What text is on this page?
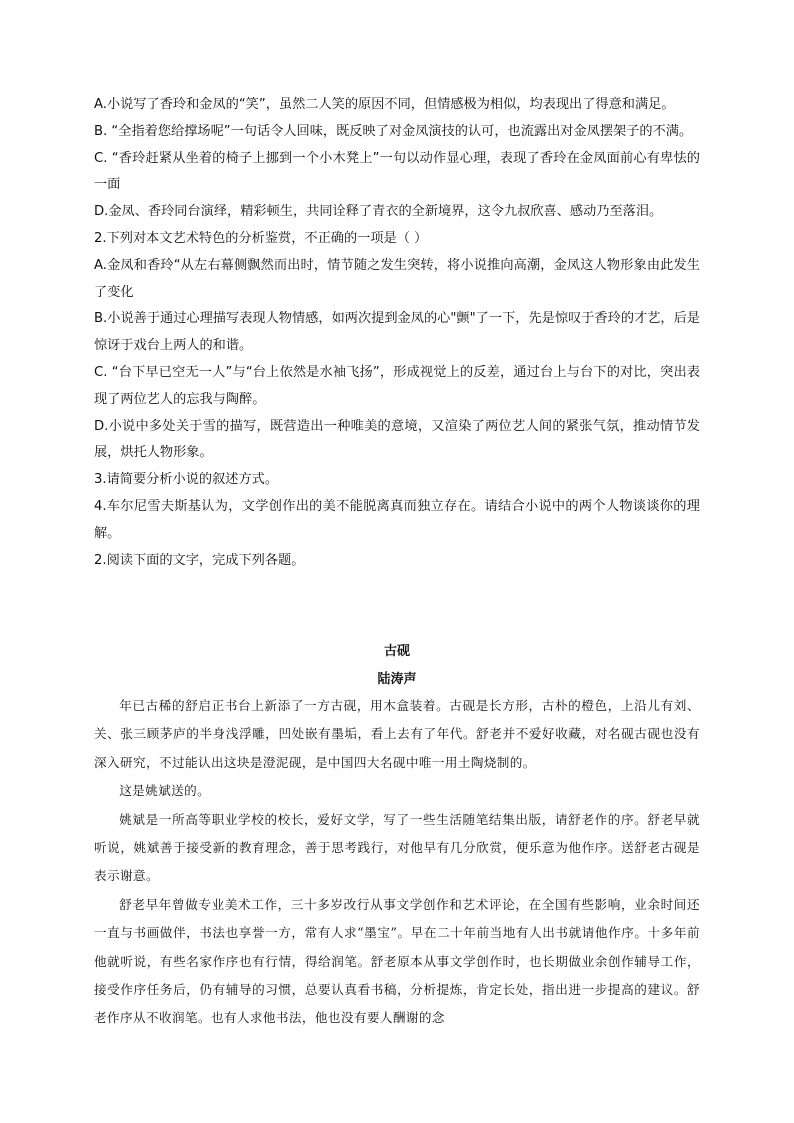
A.小说写了香玲和金凤的“笑”，虽然二人笑的原因不同，但情感极为相似，均表现出了得意和满足。

B. “全指着您给撑场呢”一句话令人回味，既反映了对金凤演技的认可，也流露出对金凤摆架子的不满。

C. “香玲赶紧从坐着的椅子上挪到一个小木凳上”一句以动作显心理，表现了香玲在金凤面前心有卑怯的一面

D.金凤、香玲同台演绎，精彩顿生，共同诠释了青衣的全新境界，这令九叔欣喜、感动乃至落泪。

2.下列对本文艺术特色的分析鉴赏，不正确的一项是（ ）

A.金凤和香玲“从左右幕侧飘然而出时，情节随之发生突转，将小说推向高潮，金凤这人物形象由此发生了变化

B.小说善于通过心理描写表现人物情感，如两次提到金凤的心"颤"了一下，先是惊叹于香玲的才艺，后是惊讶于戏台上两人的和谐。

C. “台下早已空无一人”与“台上依然是水袖飞扬”，形成视觉上的反差，通过台上与台下的对比，突出表现了两位艺人的忘我与陶醉。

D.小说中多处关于雪的描写，既营造出一种唯美的意境，又渲染了两位艺人间的紧张气氛，推动情节发展，烘托人物形象。

3.请简要分析小说的叙述方式。

4.车尔尼雪夫斯基认为，文学创作出的美不能脱离真而独立存在。请结合小说中的两个人物谈谈你的理解。

2.阅读下面的文字，完成下列各题。

古砚
陆涛声

年已古稀的舒启正书台上新添了一方古砚，用木盒装着。古砚是长方形，古朴的橙色，上沿儿有刘、关、张三顾茅庐的半身浅浮雕，凹处嵌有墨垢，看上去有了年代。舒老并不爱好收藏，对名砚古砚也没有深入研究，不过能认出这块是澄泥砚，是中国四大名砚中唯一用土陶烧制的。

这是姚斌送的。

姚斌是一所高等职业学校的校长，爱好文学，写了一些生活随笔结集出版，请舒老作的序。舒老早就听说，姚斌善于接受新的教育理念，善于思考践行，对他早有几分欣赏，便乐意为他作序。送舒老古砚是表示谢意。

舒老早年曾做专业美术工作，三十多岁改行从事文学创作和艺术评论，在全国有些影响，业余时间还一直与书画做伴，书法也享誉一方，常有人求“墨宝”。早在二十年前当地有人出书就请他作序。十多年前他就听说，有些名家作序也有行情，得给润笔。舒老原本从事文学创作时，也长期做业余创作辅导工作，接受作序任务后，仍有辅导的习惯，总要认真看书稿，分析提炼，肯定长处，指出进一步提高的建议。舒老作序从不收润笔。也有人求他书法，他也没有要人酬谢的念
